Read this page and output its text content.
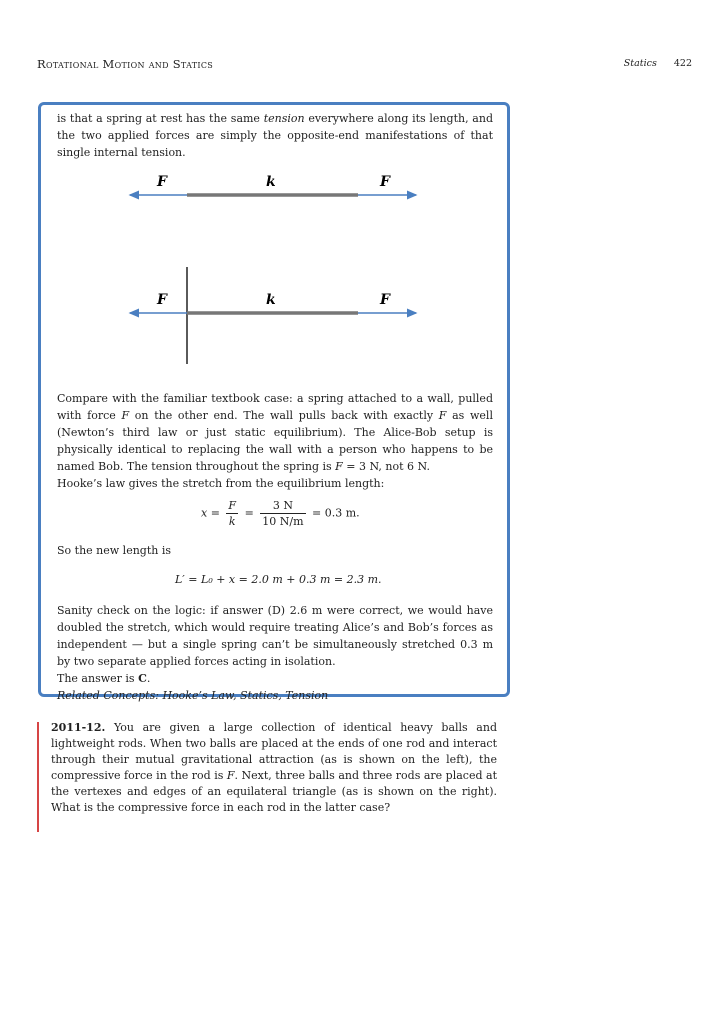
Rotational Motion and Statics	Statics 422

is that a spring at rest has the same tension everywhere along its length, and the two applied forces are simply the opposite-end manifestations of that single internal tension.

F	k	F
F	k	F

Compare with the familiar textbook case: a spring attached to a wall, pulled with force F on the other end. The wall pulls back with exactly F as well (Newton’s third law or just static equilibrium). The Alice-Bob setup is physically identical to replacing the wall with a person who happens to be named Bob. The tension throughout the spring is F = 3 N, not 6 N.

Hooke’s law gives the stretch from the equilibrium length:

$x = \frac{F}{k} = \frac{3 N}{10 N/m} = 0.3$ m.

So the new length is

L′ = L₀ + x = 2.0 m + 0.3 m = 2.3 m.

Sanity check on the logic: if answer (D) 2.6 m were correct, we would have doubled the stretch, which would require treating Alice’s and Bob’s forces as independent — but a single spring can’t be simultaneously stretched 0.3 m by two separate applied forces acting in isolation.

The answer is C.

Related Concepts: Hooke’s Law, Statics, Tension

2011-12. You are given a large collection of identical heavy balls and lightweight rods. When two balls are placed at the ends of one rod and interact through their mutual gravitational attraction (as is shown on the left), the compressive force in the rod is F. Next, three balls and three rods are placed at the vertexes and edges of an equilateral triangle (as is shown on the right). What is the compressive force in each rod in the latter case?
